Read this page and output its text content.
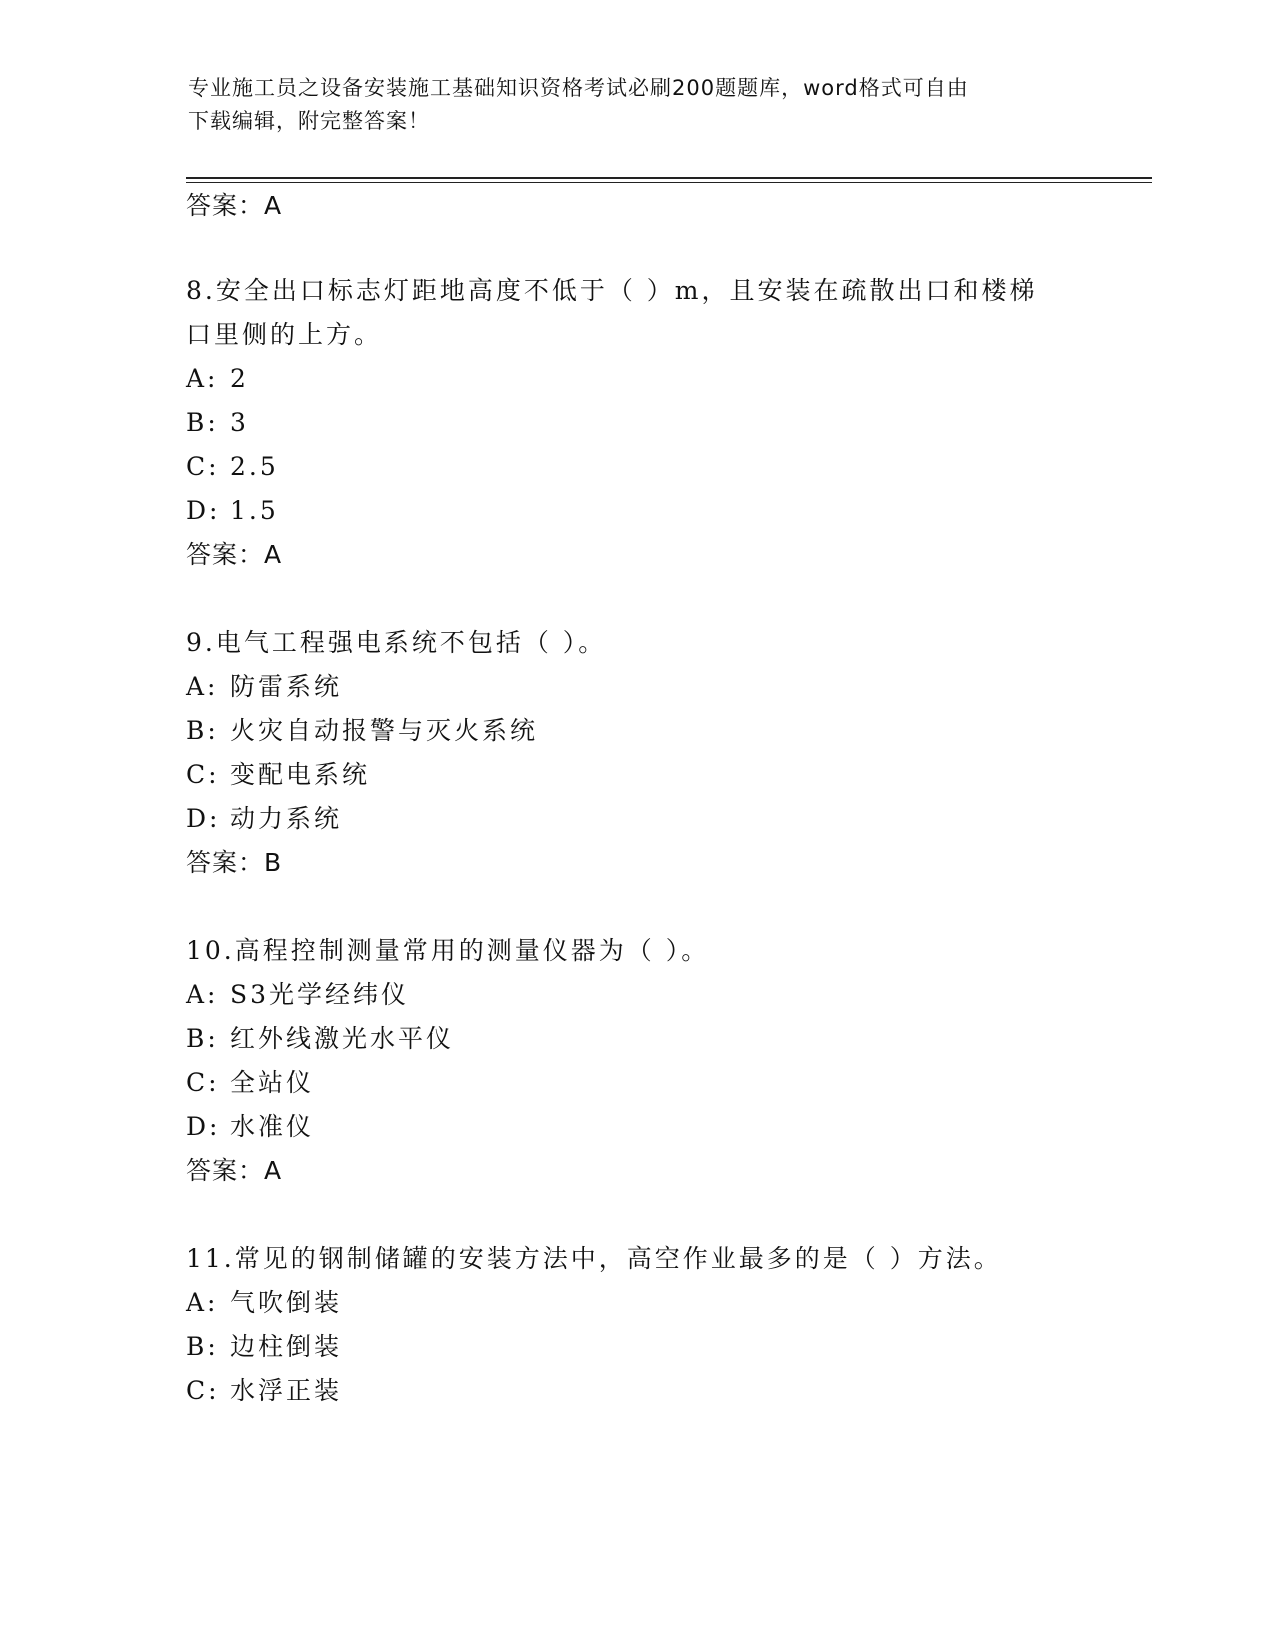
专业施工员之设备安装施工基础知识资格考试必刷200题题库，word格式可自由
下载编辑，附完整答案！
答案：A
8.安全出口标志灯距地高度不低于（ ）m，且安装在疏散出口和楼梯
口里侧的上方。
A: 2
B: 3
C: 2.5
D: 1.5
答案：A
9.电气工程强电系统不包括（ ）。
A: 防雷系统
B: 火灾自动报警与灭火系统
C: 变配电系统
D: 动力系统
答案：B
10.高程控制测量常用的测量仪器为（ ）。
A: S3光学经纬仪
B: 红外线激光水平仪
C: 全站仪
D: 水准仪
答案：A
11.常见的钢制储罐的安装方法中，高空作业最多的是（ ）方法。
A: 气吹倒装
B: 边柱倒装
C: 水浮正装
